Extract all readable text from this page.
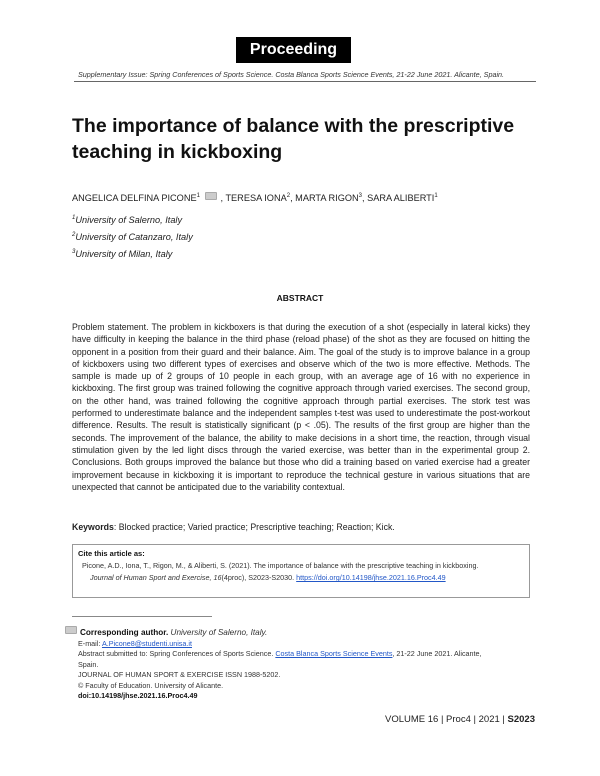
Proceeding
Supplementary Issue: Spring Conferences of Sports Science. Costa Blanca Sports Science Events, 21-22 June 2021. Alicante, Spain.
The importance of balance with the prescriptive teaching in kickboxing
ANGELICA DELFINA PICONE$^1$ , TERESA IONA$^2$, MARTA RIGON$^3$, SARA ALIBERTI$^1$
$^1$University of Salerno, Italy
$^2$University of Catanzaro, Italy
$^3$University of Milan, Italy
ABSTRACT
Problem statement. The problem in kickboxers is that during the execution of a shot (especially in lateral kicks) they have difficulty in keeping the balance in the third phase (reload phase) of the shot as they are focused on hitting the opponent in a position from their guard and their balance. Aim. The goal of the study is to improve balance in a group of kickboxers using two different types of exercises and observe which of the two is more effective. Methods. The sample is made up of 2 groups of 10 people in each group, with an average age of 16 with no experience in kickboxing. The first group was trained following the cognitive approach through varied exercises. The second group, on the other hand, was trained following the cognitive approach through partial exercises. The stork test was performed to underestimate balance and the independent samples t-test was used to underestimate the post-workout difference. Results. The result is statistically significant (p < .05). The results of the first group are higher than the seconds. The improvement of the balance, the ability to make decisions in a short time, the reaction, through visual stimulation given by the led light discs through the varied exercise, was better than in the experimental group 2. Conclusions. Both groups improved the balance but those who did a training based on varied exercise had a greater improvement because in kickboxing it is important to reproduce the technical gesture in various situations that are unexpected that cannot be anticipated due to the variability contextual.
Keywords: Blocked practice; Varied practice; Prescriptive teaching; Reaction; Kick.
Cite this article as:
Picone, A.D., Iona, T., Rigon, M., & Aliberti, S. (2021). The importance of balance with the prescriptive teaching in kickboxing.
Journal of Human Sport and Exercise, 16(4proc), S2023-S2030. https://doi.org/10.14198/jhse.2021.16.Proc4.49
Corresponding author. University of Salerno, Italy.
E-mail: A.Picone8@studenti.unisa.it
Abstract submitted to: Spring Conferences of Sports Science. Costa Blanca Sports Science Events, 21-22 June 2021. Alicante,
Spain.
JOURNAL OF HUMAN SPORT & EXERCISE ISSN 1988-5202.
© Faculty of Education. University of Alicante.
doi:10.14198/jhse.2021.16.Proc4.49
VOLUME 16 | Proc4 | 2021 | S2023
